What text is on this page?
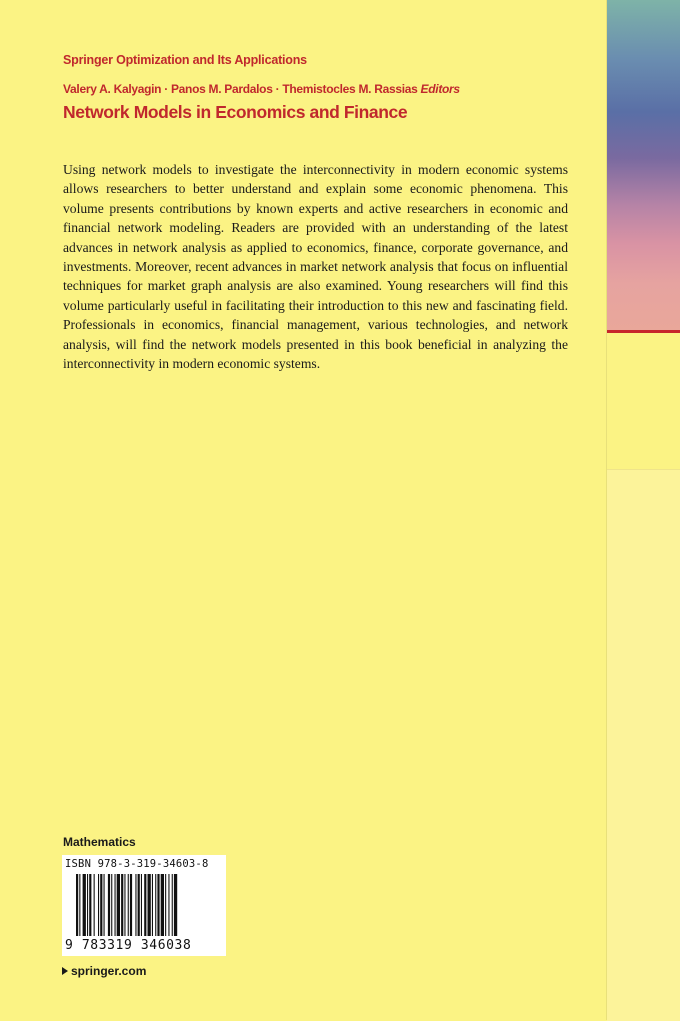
Springer Optimization and Its Applications
Valery A. Kalyagin · Panos M. Pardalos · Themistocles M. Rassias Editors
Network Models in Economics and Finance

Using network models to investigate the interconnectivity in modern economic systems allows researchers to better understand and explain some economic phenomena. This volume presents contributions by known experts and active researchers in economic and financial network modeling. Readers are provided with an understanding of the latest advances in network analysis as applied to economics, finance, corporate governance, and investments. Moreover, recent advances in market network analysis that focus on influential techniques for market graph analysis are also examined. Young researchers will find this volume particularly useful in facilitating their introduction to this new and fascinating field. Professionals in economics, financial management, various technologies, and network analysis, will find the network models presented in this book beneficial in analyzing the interconnectivity in modern economic systems.

Mathematics
ISBN 978-3-319-34603-8
9 783319 346038
springer.com
